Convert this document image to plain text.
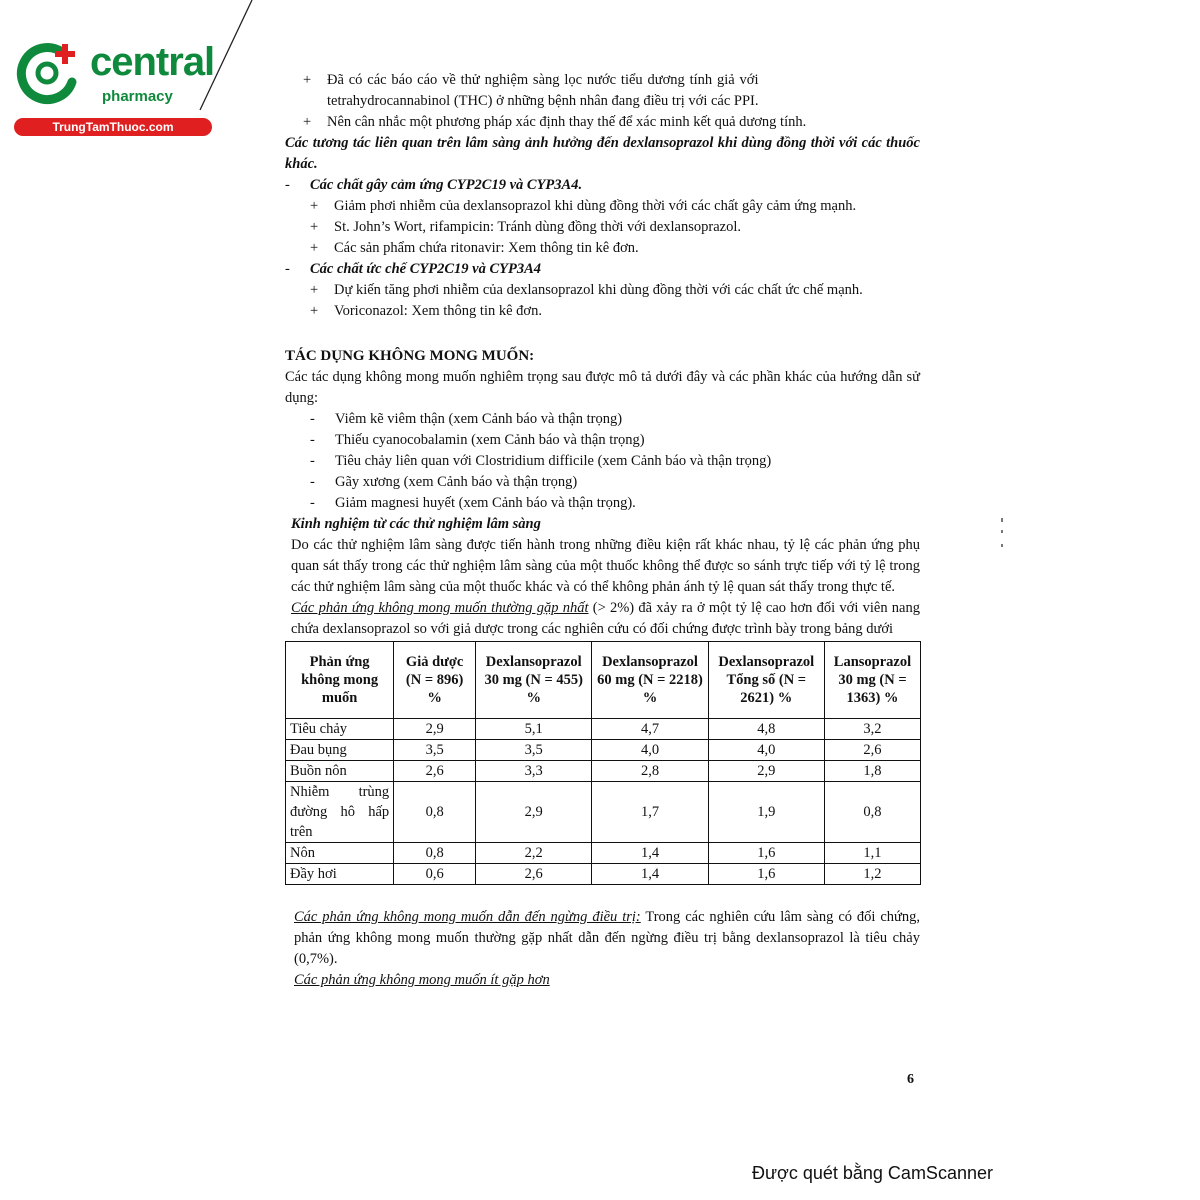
central
pharmacy
TrungTamThuoc.com
+	Đã có các báo cáo về thử nghiệm sàng lọc nước tiểu dương tính giả với

tetrahydrocannabinol (THC) ở những bệnh nhân đang điều trị với các PPI.

+	Nên cân nhắc một phương pháp xác định thay thế để xác minh kết quả dương tính.

Các tương tác liên quan trên lâm sàng ảnh hưởng đến dexlansoprazol khi dùng đồng thời với các thuốc khác.

-	Các chất gây cảm ứng CYP2C19 và CYP3A4.

+	Giảm phơi nhiễm của dexlansoprazol khi dùng đồng thời với các chất gây cảm ứng mạnh.

+	St. John’s Wort, rifampicin: Tránh dùng đồng thời với dexlansoprazol.

+	Các sản phẩm chứa ritonavir: Xem thông tin kê đơn.

-	Các chất ức chế CYP2C19 và CYP3A4

+	Dự kiến tăng phơi nhiễm của dexlansoprazol khi dùng đồng thời với các chất ức chế mạnh.

+	Voriconazol: Xem thông tin kê đơn.

TÁC DỤNG KHÔNG MONG MUỐN:

Các tác dụng không mong muốn nghiêm trọng sau được mô tả dưới đây và các phần khác của hướng dẫn sử dụng:

-	Viêm kẽ viêm thận (xem Cảnh báo và thận trọng)

-	Thiếu cyanocobalamin (xem Cảnh báo và thận trọng)

-	Tiêu chảy liên quan với Clostridium difficile (xem Cảnh báo và thận trọng)

-	Gãy xương (xem Cảnh báo và thận trọng)

-	Giảm magnesi huyết (xem Cảnh báo và thận trọng).

Kinh nghiệm từ các thử nghiệm lâm sàng

Do các thử nghiệm lâm sàng được tiến hành trong những điều kiện rất khác nhau, tỷ lệ các phản ứng phụ quan sát thấy trong các thử nghiệm lâm sàng của một thuốc không thể được so sánh trực tiếp với tỷ lệ trong các thử nghiệm lâm sàng của một thuốc khác và có thể không phản ánh tỷ lệ quan sát thấy trong thực tế.

Các phản ứng không mong muốn thường gặp nhất (> 2%) đã xảy ra ở một tỷ lệ cao hơn đối với viên nang chứa dexlansoprazol so với giả dược trong các nghiên cứu có đối chứng được trình bày trong bảng dưới

Phản ứng không mong muốn	Giả dược (N = 896) %	Dexlansoprazol 30 mg (N = 455) %	Dexlansoprazol 60 mg (N = 2218) %	Dexlansoprazol Tổng số (N = 2621) %	Lansoprazol 30 mg (N = 1363) %
Tiêu chảy	2,9	5,1	4,7	4,8	3,2
Đau bụng	3,5	3,5	4,0	4,0	2,6
Buồn nôn	2,6	3,3	2,8	2,9	1,8
Nhiễm trùng đường hô hấp trên	0,8	2,9	1,7	1,9	0,8
Nôn	0,8	2,2	1,4	1,6	1,1
Đầy hơi	0,6	2,6	1,4	1,6	1,2

Các phản ứng không mong muốn dẫn đến ngừng điều trị: Trong các nghiên cứu lâm sàng có đối chứng, phản ứng không mong muốn thường gặp nhất dẫn đến ngừng điều trị bằng dexlansoprazol là tiêu chảy (0,7%).

Các phản ứng không mong muốn ít gặp hơn

6
Được quét bằng CamScanner
